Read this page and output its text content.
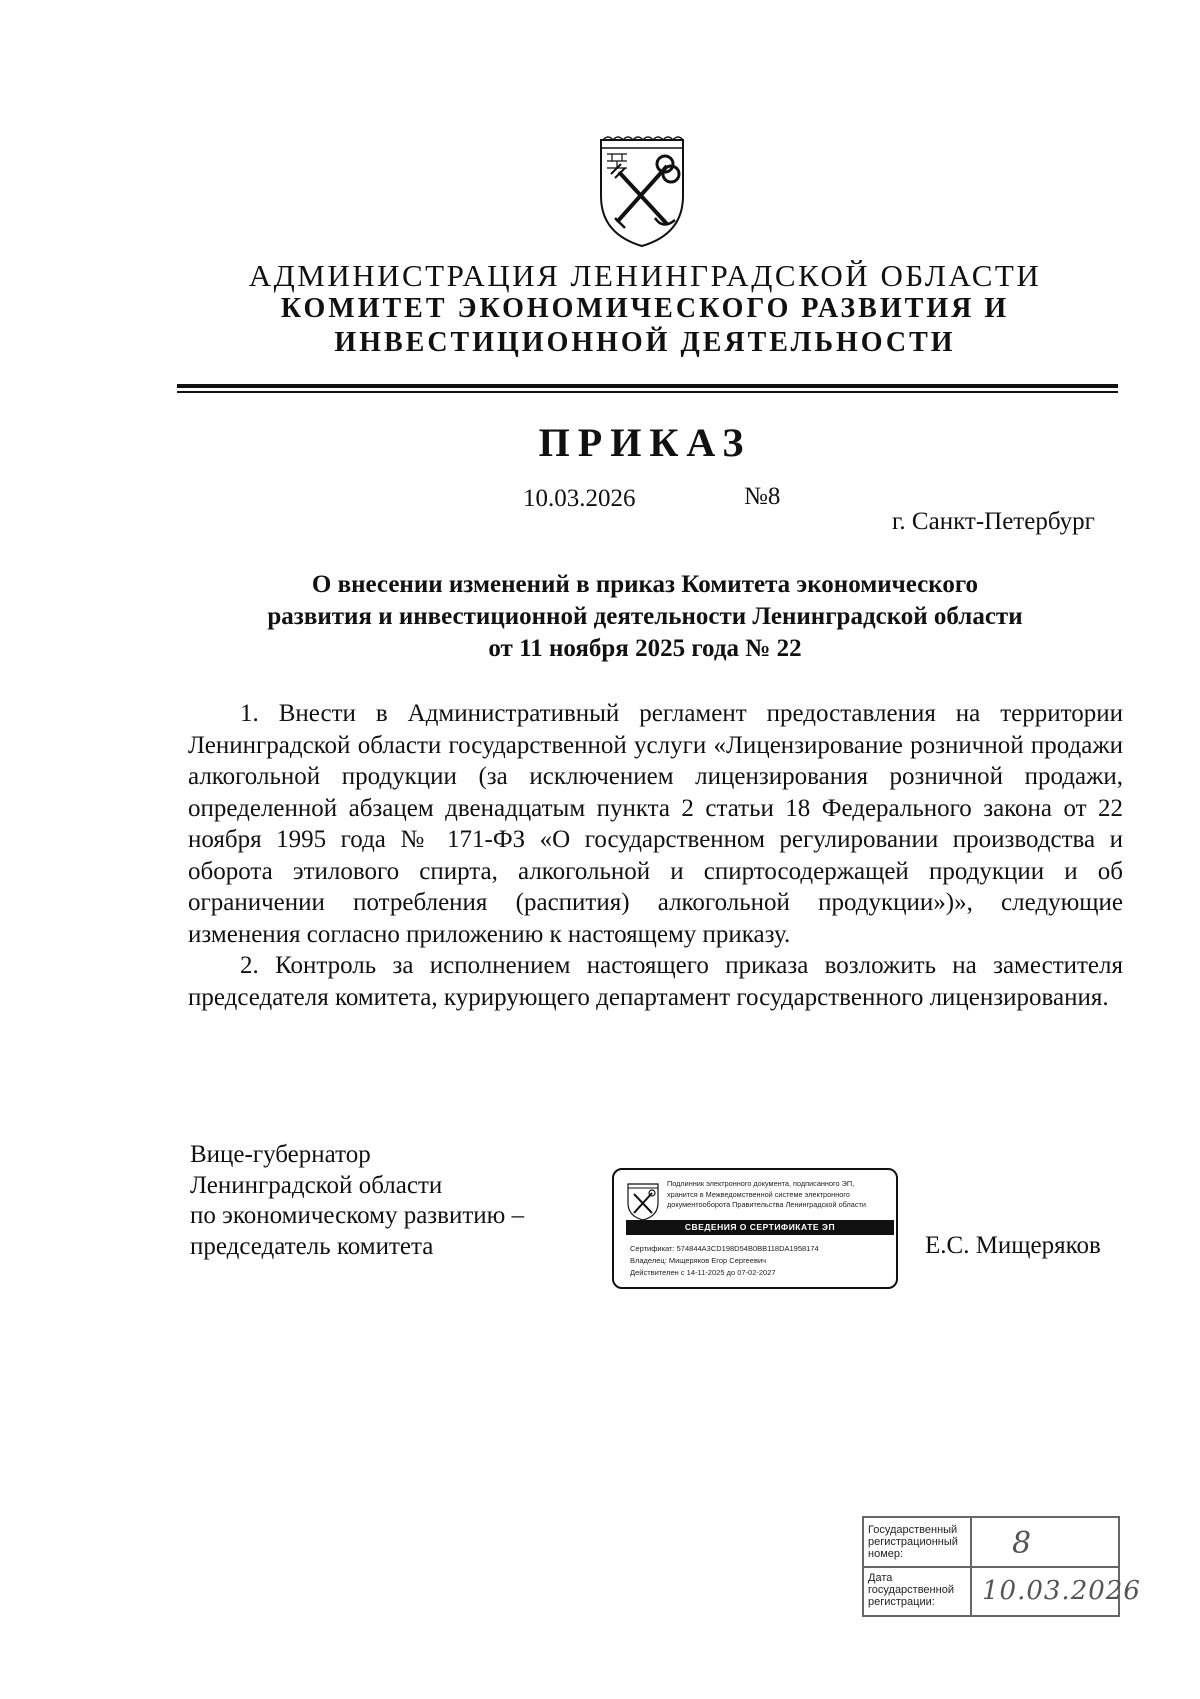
АДМИНИСТРАЦИЯ ЛЕНИНГРАДСКОЙ ОБЛАСТИ
КОМИТЕТ ЭКОНОМИЧЕСКОГО РАЗВИТИЯ И
ИНВЕСТИЦИОННОЙ ДЕЯТЕЛЬНОСТИ
ПРИКАЗ
10.03.2026	№8
г. Санкт-Петербург
О внесении изменений в приказ Комитета экономического
развития и инвестиционной деятельности Ленинградской области
от 11 ноября 2025 года № 22

1. Внести в Административный регламент предоставления на территории Ленинградской области государственной услуги «Лицензирование розничной продажи алкогольной продукции (за исключением лицензирования розничной продажи, определенной абзацем двенадцатым пункта 2 статьи 18 Федерального закона от 22 ноября 1995 года № 171-ФЗ «О государственном регулировании производства и оборота этилового спирта, алкогольной и спиртосодержащей продукции и об ограничении потребления (распития) алкогольной продукции»)», следующие изменения согласно приложению к настоящему приказу.

2. Контроль за исполнением настоящего приказа возложить на заместителя председателя комитета, курирующего департамент государственного лицензирования.

Вице-губернатор
Ленинградской области
по экономическому развитию –
председатель комитета
Подлинник электронного документа, подписанного ЭП,
хранится в Межведомственной системе электронного
документооборота Правительства Ленинградской области
СВЕДЕНИЯ О СЕРТИФИКАТЕ ЭП
Сертификат: 574844A3CD198D54B0BB118DA1958174
Владелец: Мищеряков Егор Сергеевич
Действителен с 14-11-2025 до 07-02-2027
Е.С. Мищеряков
Государственный
регистрационный
номер:	8
Дата
государственной
регистрации:	10.03.2026
